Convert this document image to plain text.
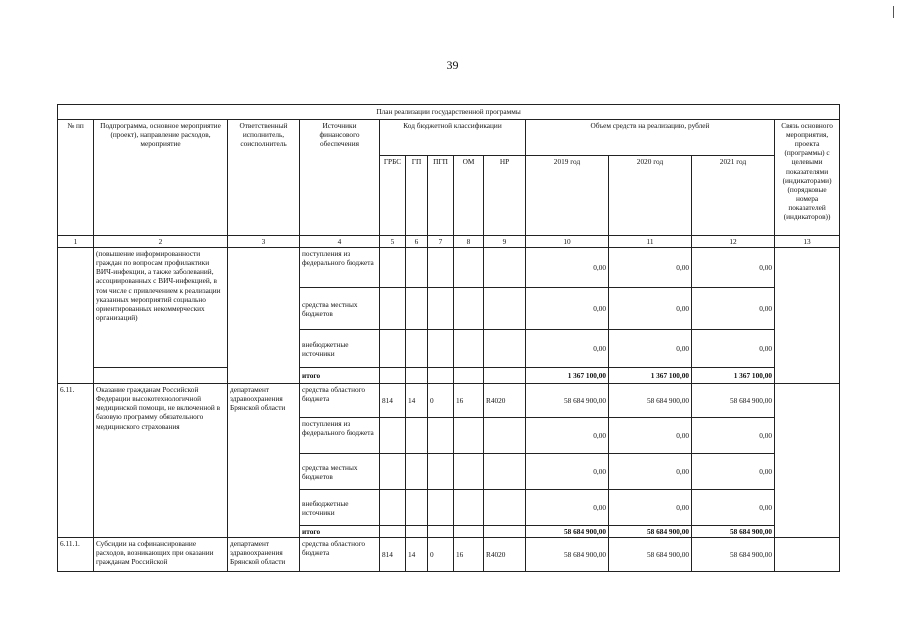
39
План реализации государственной программы												
№ пп	Подпрограмма, основное мероприятие (проект), направление расходов, мероприятие	Ответственный исполнитель, соисполнитель	Источники финансового обеспечения	Код бюджетной классификации					Объем средств на реализацию, рублей			Связь основного мероприятия, проекта (программы) с целевыми показателями (индикаторами) (порядковые номера показателей (индикаторов))
				ГРБС	ГП	ПГП	ОМ	НР	2019 год	2020 год	2021 год	
1	2	3	4	5	6	7	8	9	10	11	12	13
	(повышение информированности граждан по вопросам профилактики ВИЧ-инфекции, а также заболеваний, ассоциированных с ВИЧ-инфекцией, в том числе с привлечением к реализации указанных мероприятий социально ориентированных некоммерческих организаций)		поступления из федерального бюджета						0,00	0,00	0,00	
			средства местных бюджетов						0,00	0,00	0,00	
			внебюджетные источники						0,00	0,00	0,00	
			итого						1 367 100,00	1 367 100,00	1 367 100,00	
6.11.	Оказание гражданам Российской Федерации высокотехнологичной медицинской помощи, не включенной в базовую программу обязательного медицинского страхования	департамент здравоохранения Брянской области	средства областного бюджета	814	14	0	16	R4020	58 684 900,00	58 684 900,00	58 684 900,00	
			поступления из федерального бюджета						0,00	0,00	0,00	
			средства местных бюджетов						0,00	0,00	0,00	
			внебюджетные источники						0,00	0,00	0,00	
			итого						58 684 900,00	58 684 900,00	58 684 900,00	
6.11.1.	Субсидии на софинансирование расходов, возникающих при оказании гражданам Российской	департамент здравоохранения Брянской области	средства областного бюджета	814	14	0	16	R4020	58 684 900,00	58 684 900,00	58 684 900,00	
